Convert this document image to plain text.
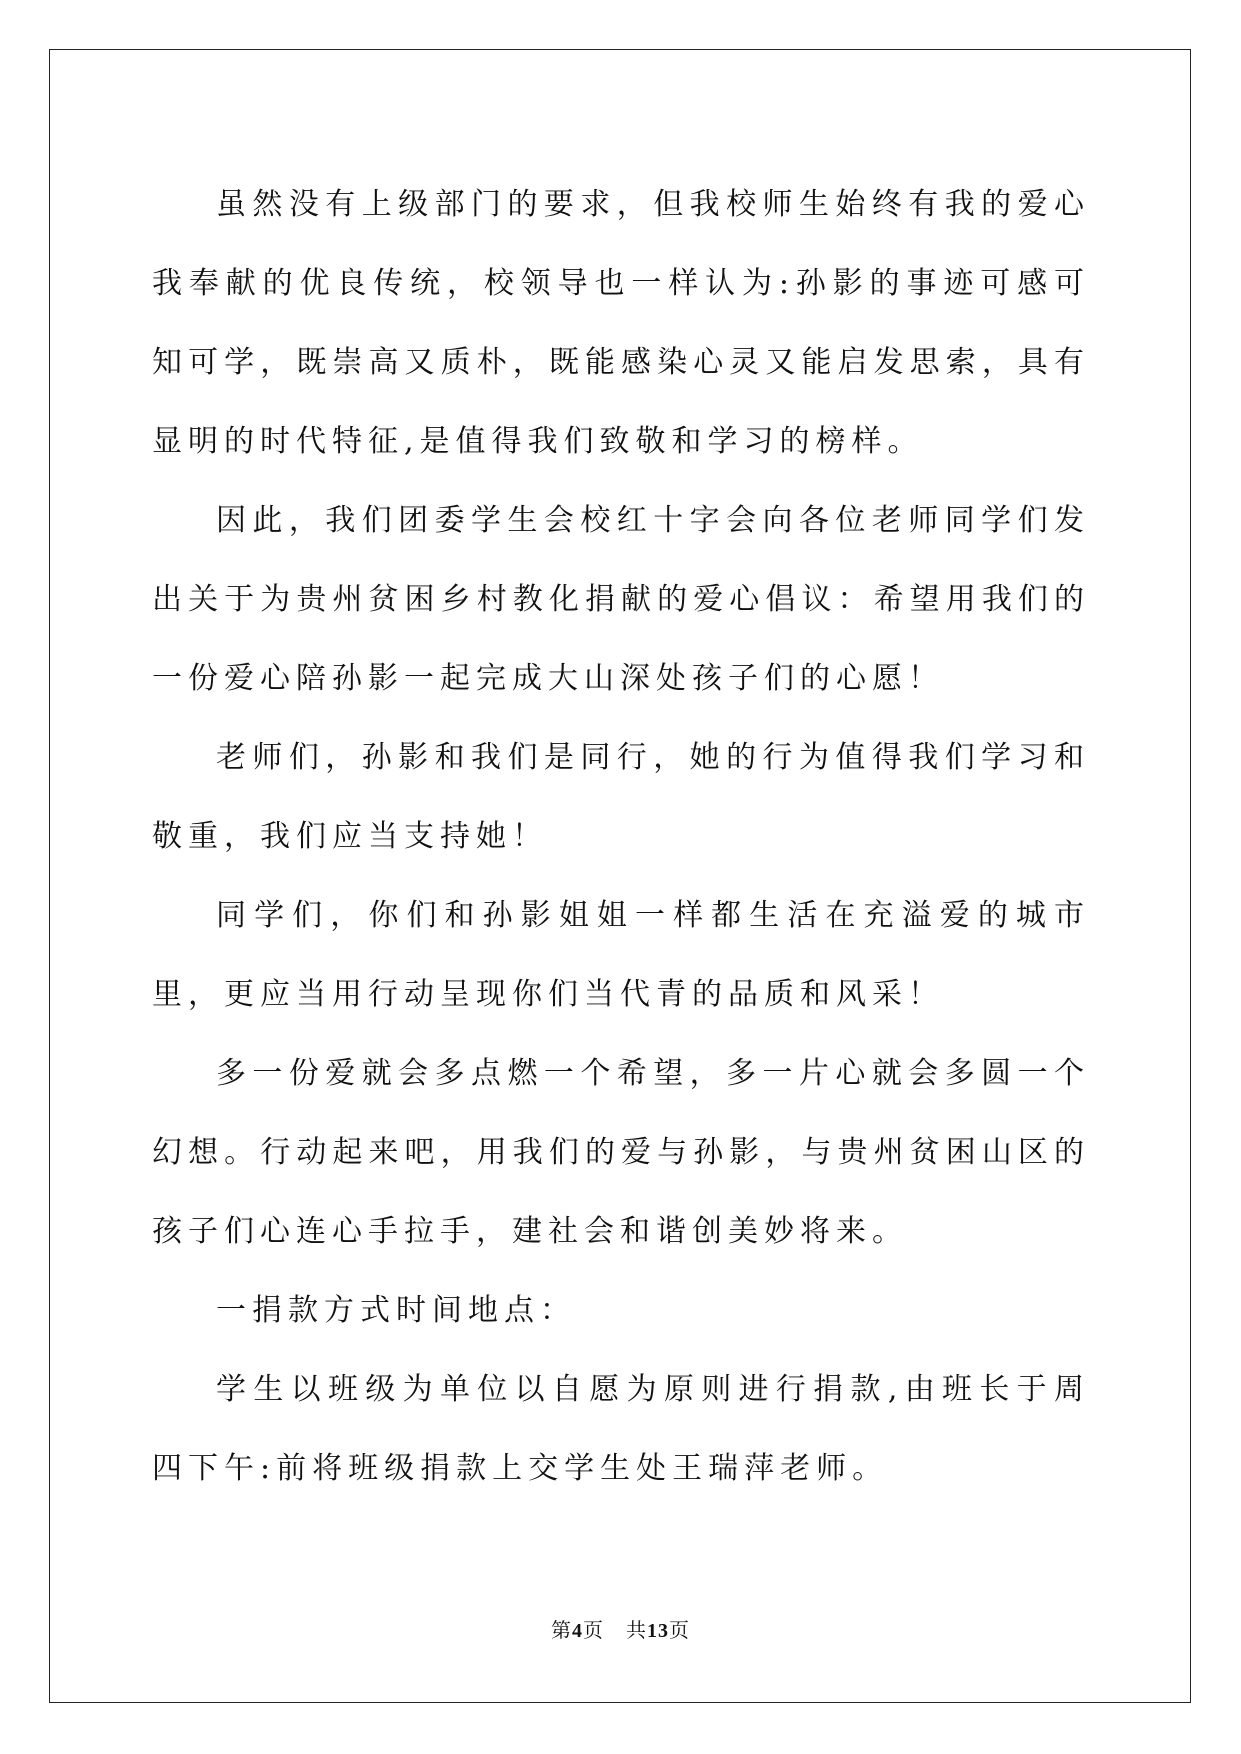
虽然没有上级部门的要求，但我校师生始终有我的爱心我奉献的优良传统，校领导也一样认为:孙影的事迹可感可知可学，既崇高又质朴，既能感染心灵又能启发思索，具有显明的时代特征,是值得我们致敬和学习的榜样。

因此，我们团委学生会校红十字会向各位老师同学们发出关于为贵州贫困乡村教化捐献的爱心倡议：希望用我们的一份爱心陪孙影一起完成大山深处孩子们的心愿！

老师们，孙影和我们是同行，她的行为值得我们学习和敬重，我们应当支持她！

同学们，你们和孙影姐姐一样都生活在充溢爱的城市里，更应当用行动呈现你们当代青的品质和风采！

多一份爱就会多点燃一个希望，多一片心就会多圆一个幻想。行动起来吧，用我们的爱与孙影，与贵州贫困山区的孩子们心连心手拉手，建社会和谐创美妙将来。

一捐款方式时间地点：

学生以班级为单位以自愿为原则进行捐款,由班长于周四下午:前将班级捐款上交学生处王瑞萍老师。

第4页 共13页
